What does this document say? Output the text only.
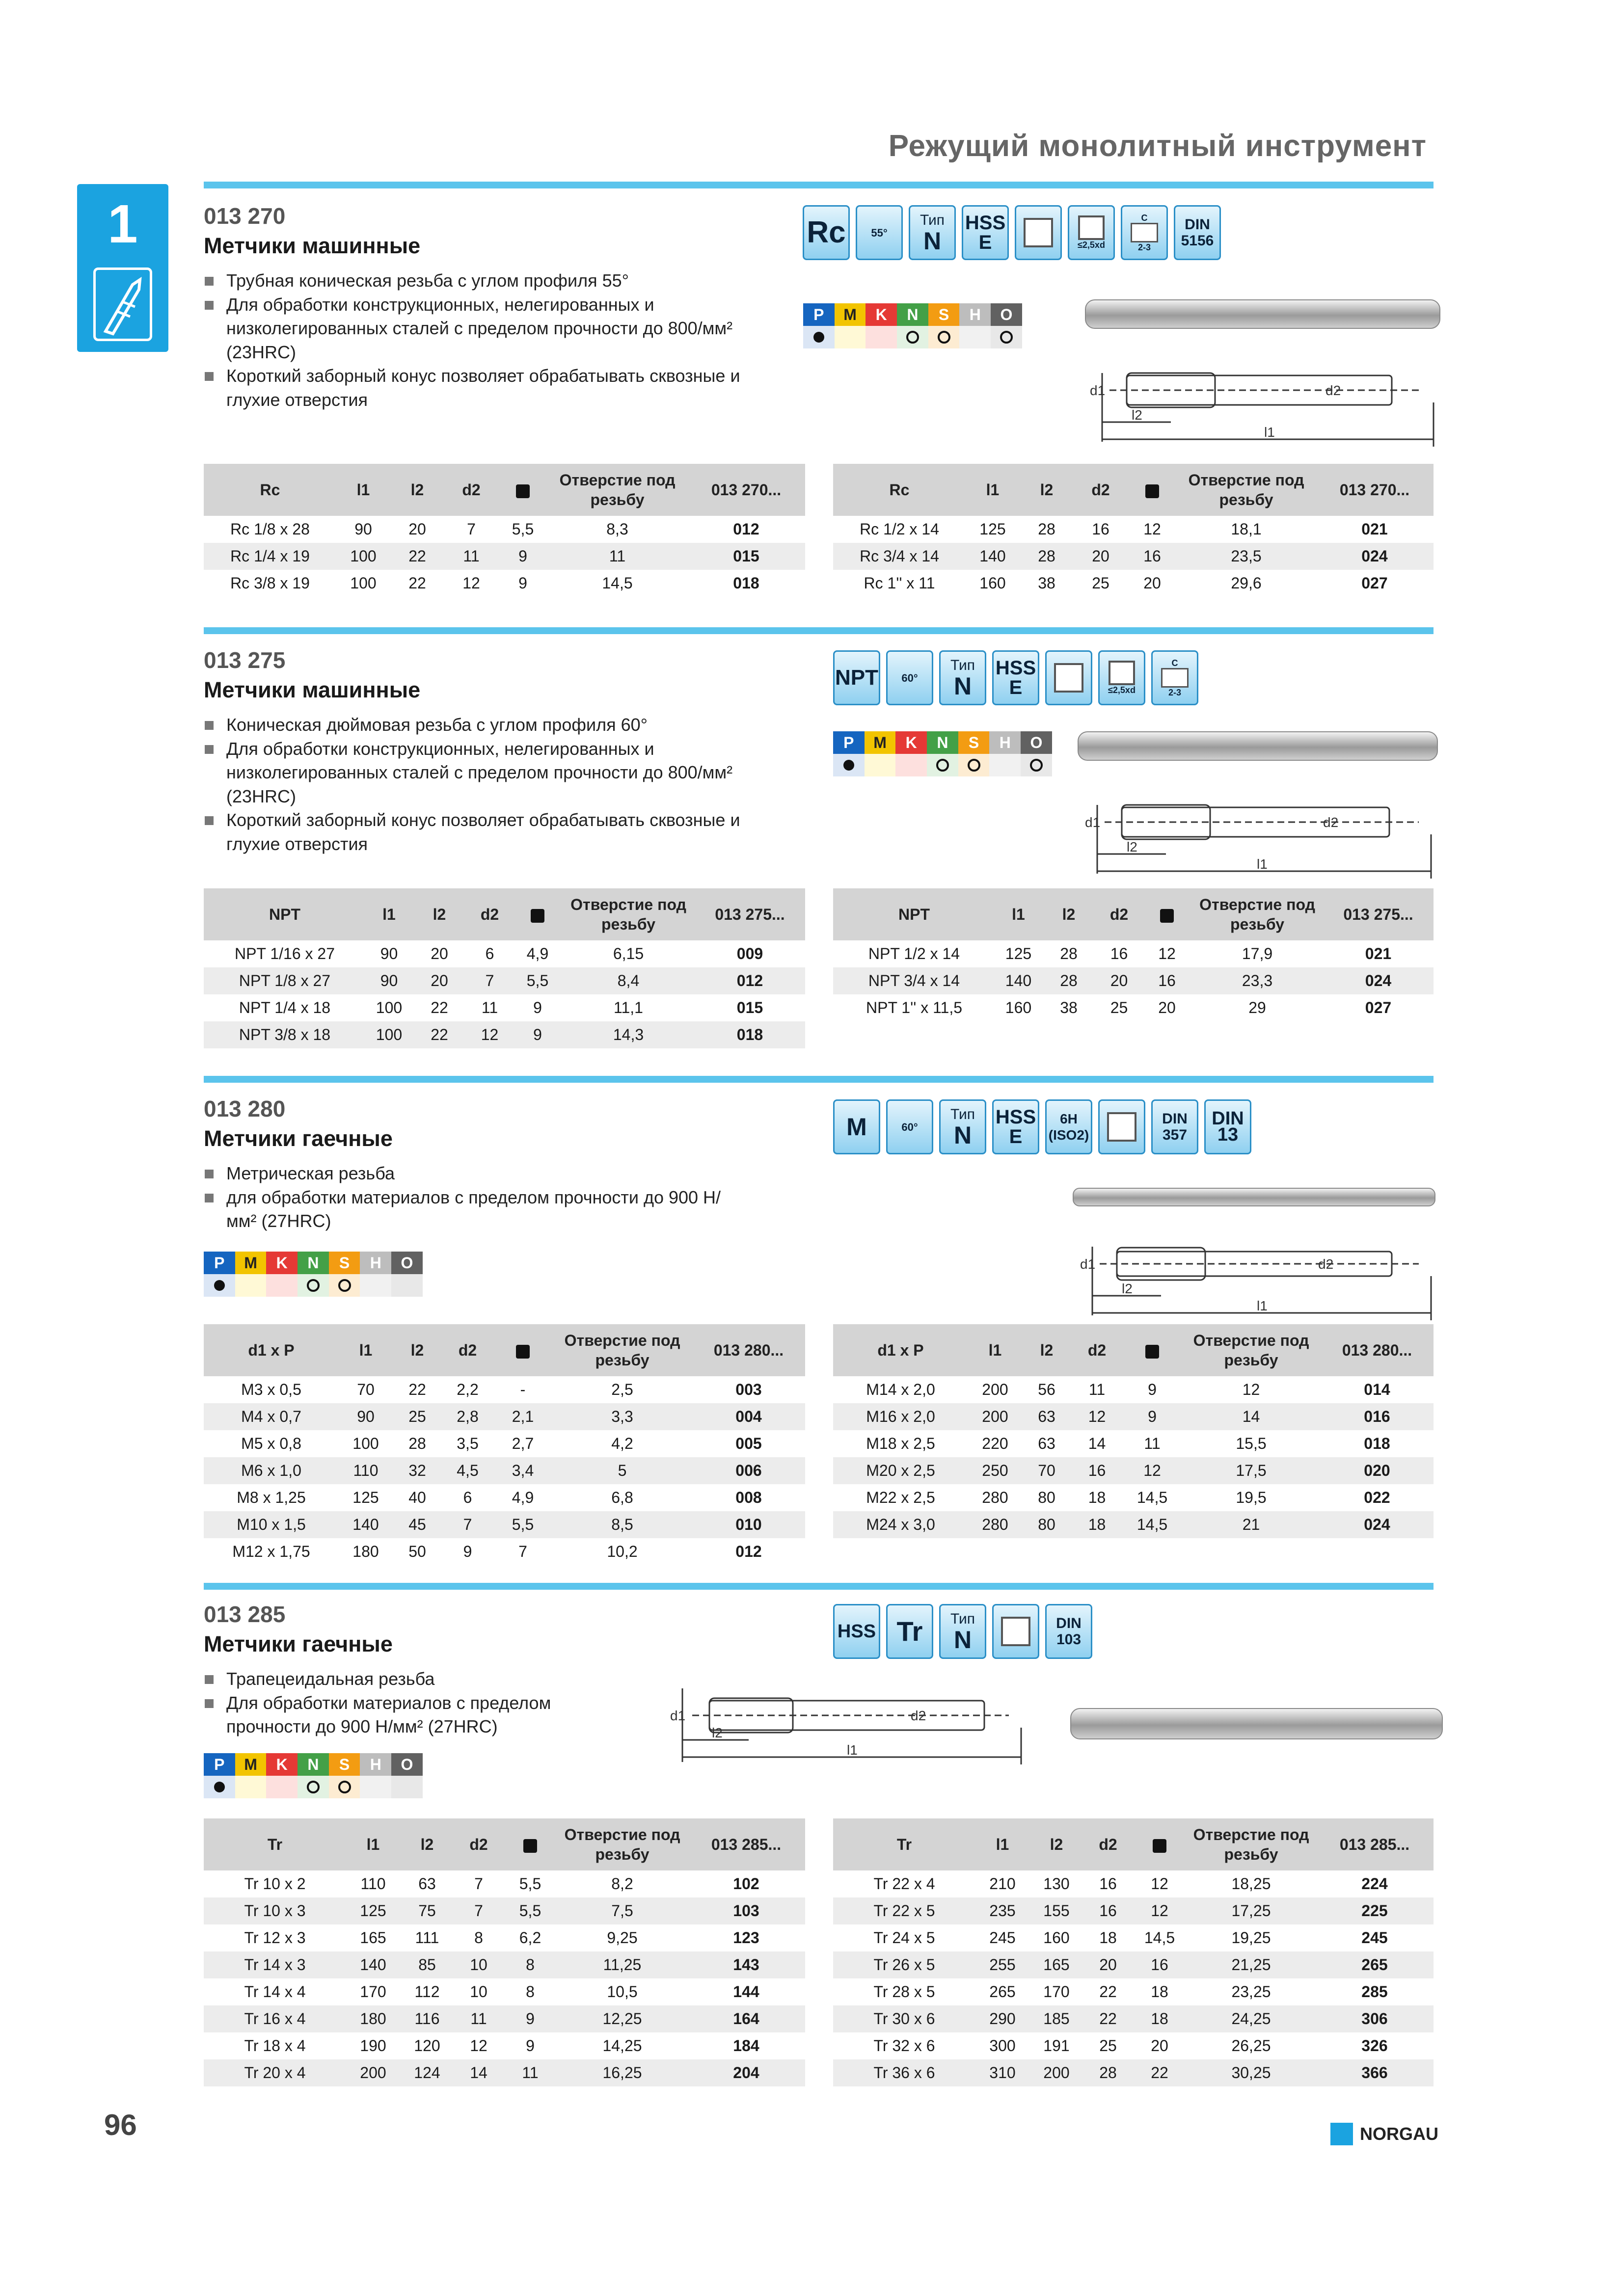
Режущий монолитный инструмент
1	013 270
Метчики машинные
Трубная коническая резьба с углом профиля 55°
Для обработки конструкционных, нелегированных и низколегированных сталей с пределом прочности до 800/мм² (23HRC)
Короткий заборный конус позволяет обрабатывать сквозные и глухие отверстия
Rc	55°
Тип
N
HSS
E	≤2,5xd
C
2-3
DIN
5156
P	M	K	N	S	H	O
d1	d2
l2
l1
Rc	l1	l2	d2		Отверстие под резьбу	013 270...
Rc 1/8 x 28	90	20	7	5,5	8,3	012
Rc 1/4 x 19	100	22	11	9	11	015
Rc 3/8 x 19	100	22	12	9	14,5	018
Rc	l1	l2	d2		Отверстие под резьбу	013 270...
Rc 1/2 x 14	125	28	16	12	18,1	021
Rc 3/4 x 14	140	28	20	16	23,5	024
Rc 1'' x 11	160	38	25	20	29,6	027
013 275
Метчики машинные
Коническая дюймовая резьба с углом профиля 60°
Для обработки конструкционных, нелегированных и низколегированных сталей с пределом прочности до 800/мм² (23HRC)
Короткий заборный конус позволяет обрабатывать сквозные и глухие отверстия
NPT 60°
Тип
N
HSS
E	≤2,5xd
C
2-3
P	M	K	N	S	H	O
d1	d2
l2
l1
NPT	l1	l2	d2		Отверстие под резьбу	013 275...
NPT 1/16 x 27	90	20	6	4,9	6,15	009
NPT 1/8 x 27	90	20	7	5,5	8,4	012
NPT 1/4 x 18	100	22	11	9	11,1	015
NPT 3/8 x 18	100	22	12	9	14,3	018
NPT	l1	l2	d2		Отверстие под резьбу	013 275...
NPT 1/2 x 14	125	28	16	12	17,9	021
NPT 3/4 x 14	140	28	20	16	23,3	024
NPT 1'' x 11,5	160	38	25	20	29	027
013 280
Метчики гаечные
Метрическая резьба
для обработки материалов с пределом прочности до 900 Н/мм² (27HRC)
M	60°
Тип
N
HSS
E
6H
(ISO2)
DIN
357
DIN
13
P	M	K	N	S	H	O	d1	d2
l2
l1
d1 x P	l1	l2	d2		Отверстие под резьбу	013 280...
M3 x 0,5	70	22	2,2	-	2,5	003
M4 x 0,7	90	25	2,8	2,1	3,3	004
M5 x 0,8	100	28	3,5	2,7	4,2	005
M6 x 1,0	110	32	4,5	3,4	5	006
M8 x 1,25	125	40	6	4,9	6,8	008
M10 x 1,5	140	45	7	5,5	8,5	010
M12 x 1,75	180	50	9	7	10,2	012
d1 x P	l1	l2	d2		Отверстие под резьбу	013 280...
M14 x 2,0	200	56	11	9	12	014
M16 x 2,0	200	63	12	9	14	016
M18 x 2,5	220	63	14	11	15,5	018
M20 x 2,5	250	70	16	12	17,5	020
M22 x 2,5	280	80	18	14,5	19,5	022
M24 x 3,0	280	80	18	14,5	21	024
013 285
Метчики гаечные
Трапецеидальная резьба
Для обработки материалов с пределом прочности до 900 Н/мм² (27HRC)
HSS Tr	Тип
N
DIN
103
P	M	K	N	S	H	O
d1	d2
l2
l1
Tr	l1	l2	d2		Отверстие под резьбу	013 285...
Tr 10 x 2	110	63	7	5,5	8,2	102
Tr 10 x 3	125	75	7	5,5	7,5	103
Tr 12 x 3	165	111	8	6,2	9,25	123
Tr 14 x 3	140	85	10	8	11,25	143
Tr 14 x 4	170	112	10	8	10,5	144
Tr 16 x 4	180	116	11	9	12,25	164
Tr 18 x 4	190	120	12	9	14,25	184
Tr 20 x 4	200	124	14	11	16,25	204
Tr	l1	l2	d2		Отверстие под резьбу	013 285...
Tr 22 x 4	210	130	16	12	18,25	224
Tr 22 x 5	235	155	16	12	17,25	225
Tr 24 x 5	245	160	18	14,5	19,25	245
Tr 26 x 5	255	165	20	16	21,25	265
Tr 28 x 5	265	170	22	18	23,25	285
Tr 30 x 6	290	185	22	18	24,25	306
Tr 32 x 6	300	191	25	20	26,25	326
Tr 36 x 6	310	200	28	22	30,25	366
96	NORGAU
